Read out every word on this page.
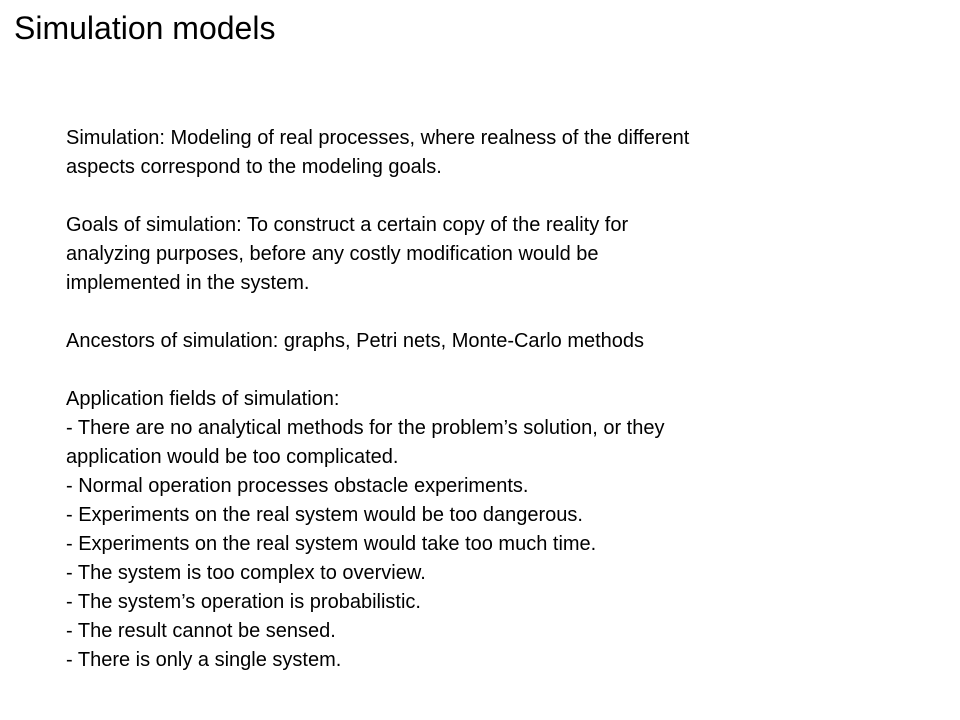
Simulation models

Simulation: Modeling of real processes, where realness of the different
aspects correspond to the modeling goals.

Goals of simulation: To construct a certain copy of the reality for
analyzing purposes, before any costly modification would be
implemented in the system.

Ancestors of simulation: graphs, Petri nets, Monte-Carlo methods

Application fields of simulation:
- There are no analytical methods for the problem’s solution, or they
application would be too complicated.
- Normal operation processes obstacle experiments.
- Experiments on the real system would be too dangerous.
- Experiments on the real system would take too much time.
- The system is too complex to overview.
- The system’s operation is probabilistic.
- The result cannot be sensed.
- There is only a single system.
